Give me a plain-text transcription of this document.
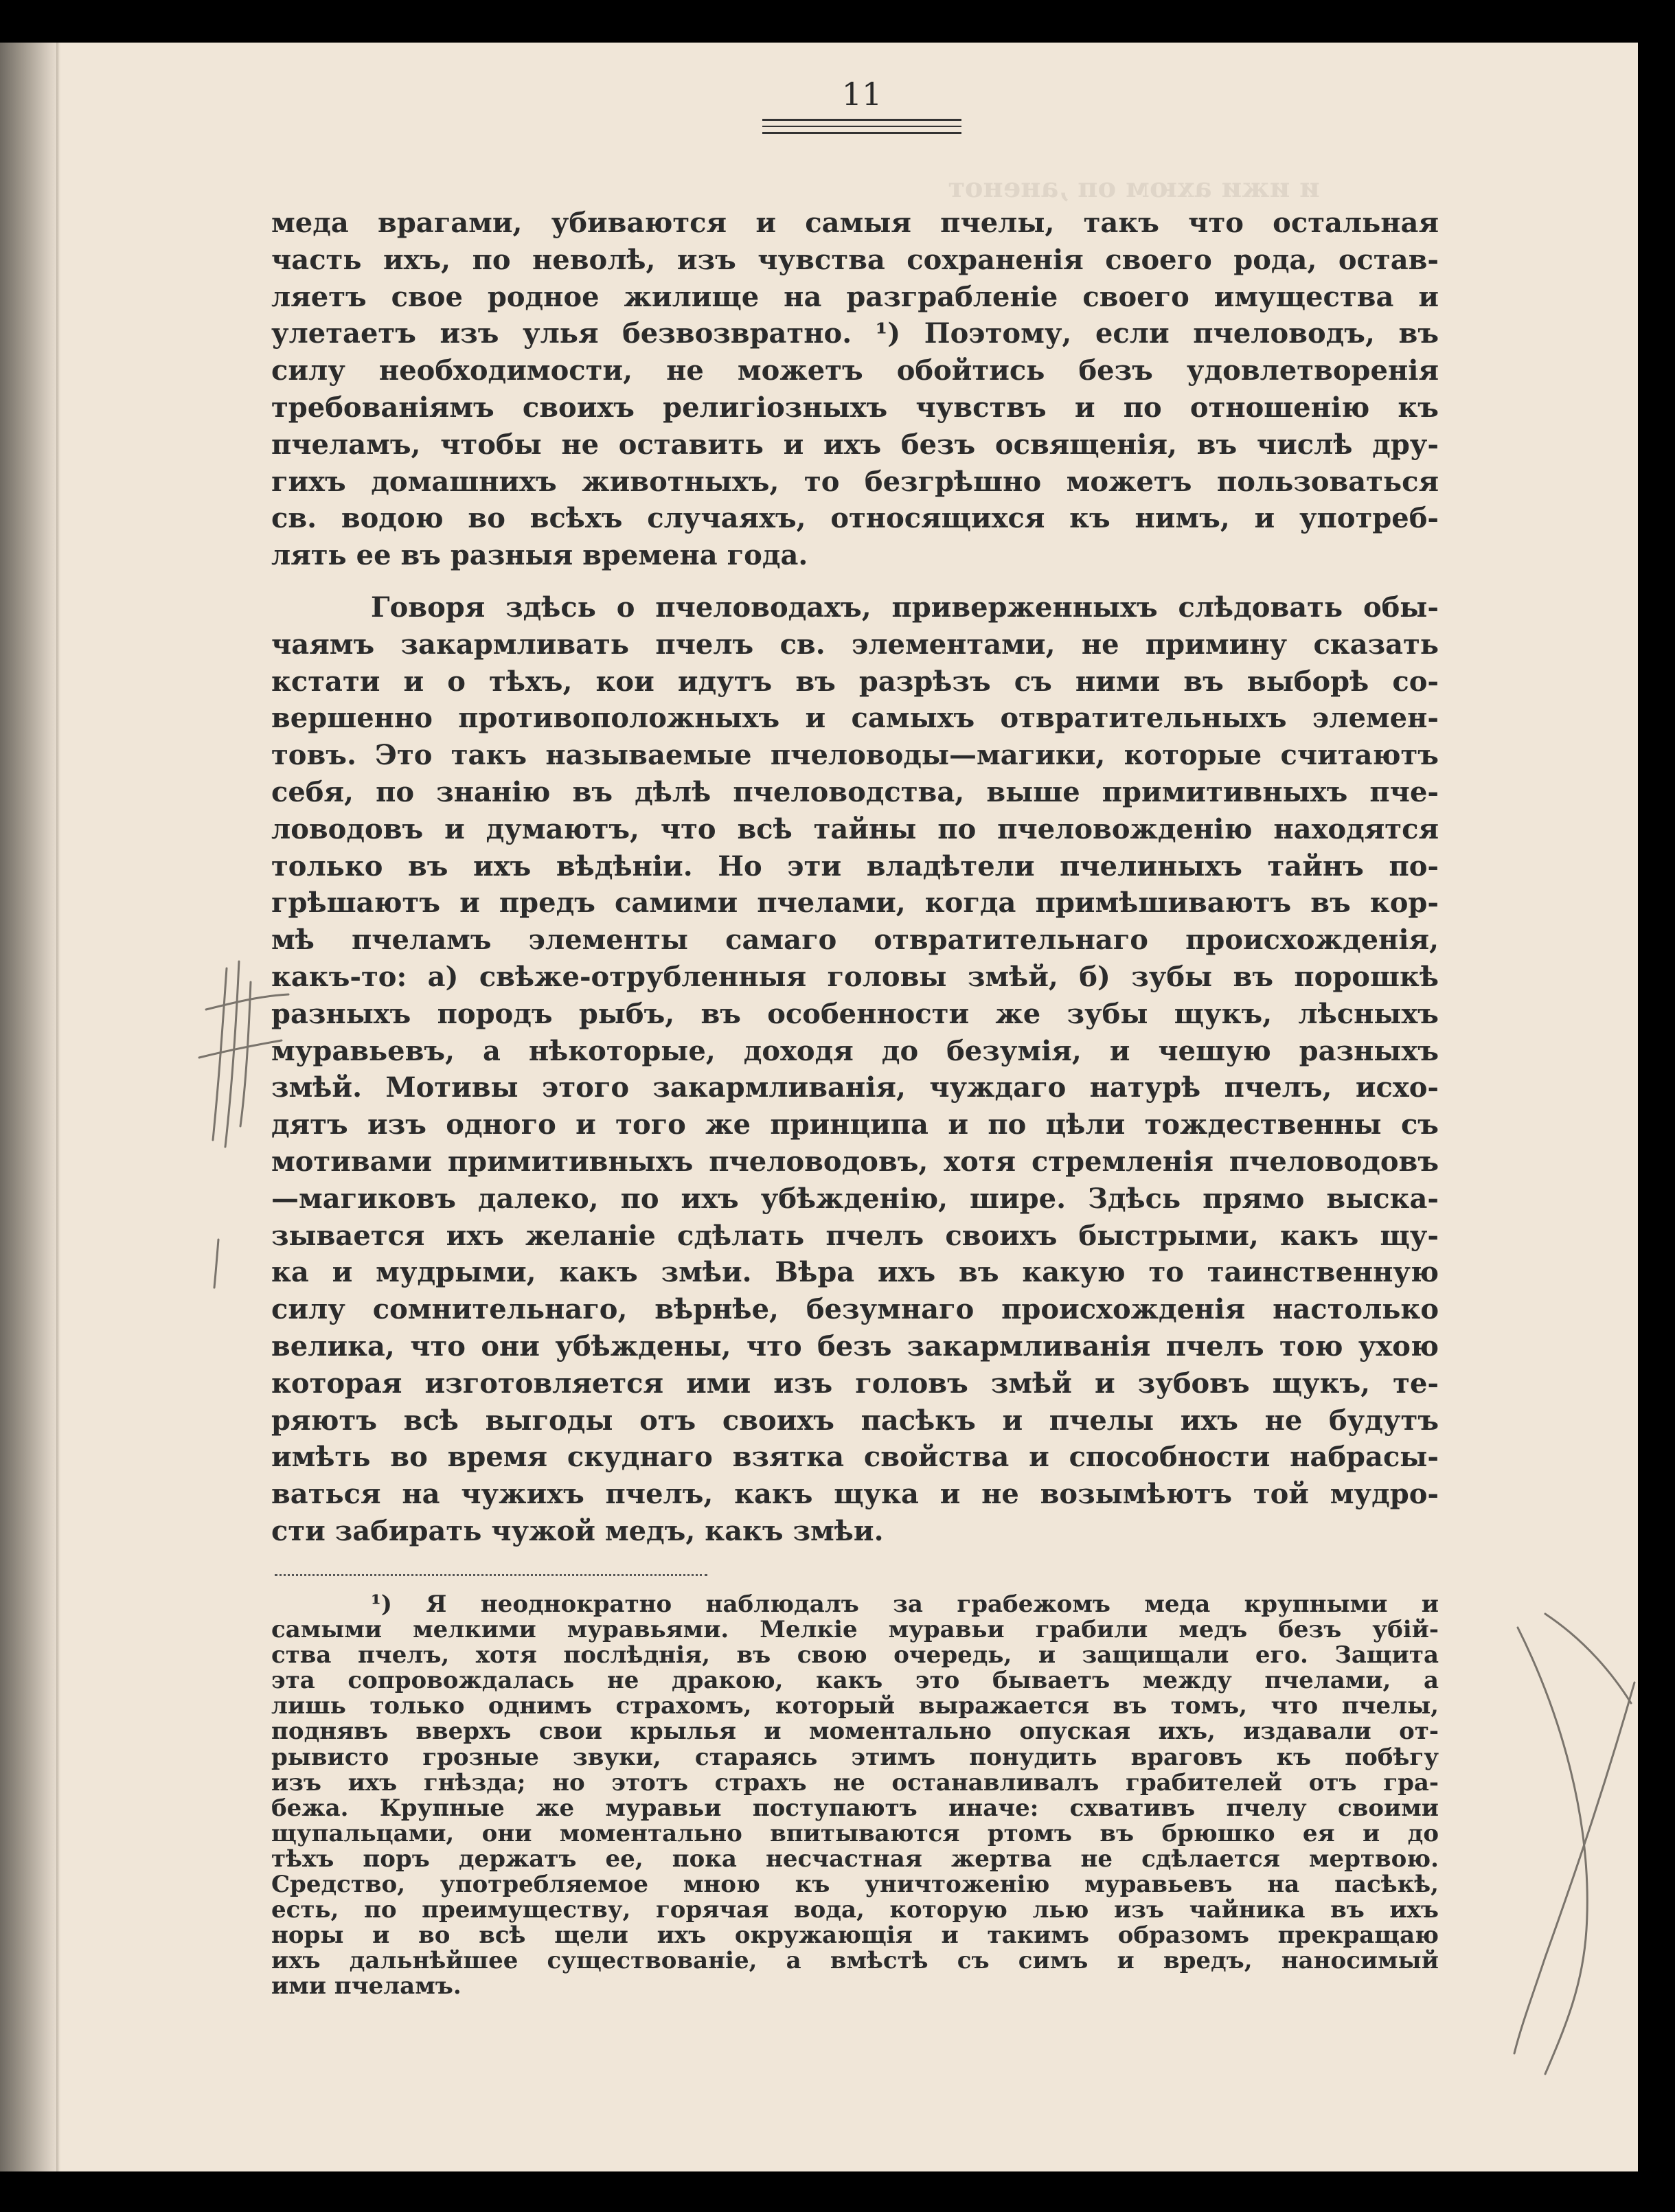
11
меда врагами, убиваются и самыя пчелы, такъ что остальная
часть ихъ, по неволѣ, изъ чувства сохраненія своего рода, остав-
ляетъ свое родное жилище на разграбленіе своего имущества и
улетаетъ изъ улья безвозвратно. ¹) Поэтому, если пчеловодъ, въ
силу необходимости, не можетъ обойтись безъ удовлетворенія
требованіямъ своихъ религіозныхъ чувствъ и по отношенію къ
пчеламъ, чтобы не оставить и ихъ безъ освященія, въ числѣ дру-
гихъ домашнихъ животныхъ, то безгрѣшно можетъ пользоваться
св. водою во всѣхъ случаяхъ, относящихся къ нимъ, и употреб-
лять ее въ разныя времена года.
Говоря здѣсь о пчеловодахъ, приверженныхъ слѣдовать обы-
чаямъ закармливать пчелъ св. элементами, не примину сказать
кстати и о тѣхъ, кои идутъ въ разрѣзъ съ ними въ выборѣ со-
вершенно противоположныхъ и самыхъ отвратительныхъ элемен-
товъ. Это такъ называемые пчеловоды—магики, которые считаютъ
себя, по знанію въ дѣлѣ пчеловодства, выше примитивныхъ пче-
ловодовъ и думаютъ, что всѣ тайны по пчеловожденію находятся
только въ ихъ вѣдѣніи. Но эти владѣтели пчелиныхъ тайнъ по-
грѣшаютъ и предъ самими пчелами, когда примѣшиваютъ въ кор-
мѣ пчеламъ элементы самаго отвратительнаго происхожденія,
какъ-то: а) свѣже-отрубленныя головы змѣй, б) зубы въ порошкѣ
разныхъ породъ рыбъ, въ особенности же зубы щукъ, лѣсныхъ
муравьевъ, а нѣкоторые, доходя до безумія, и чешую разныхъ
змѣй. Мотивы этого закармливанія, чуждаго натурѣ пчелъ, исхо-
дятъ изъ одного и того же принципа и по цѣли тождественны съ
мотивами примитивныхъ пчеловодовъ, хотя стремленія пчеловодовъ
—магиковъ далеко, по ихъ убѣжденію, шире. Здѣсь прямо выска-
зывается ихъ желаніе сдѣлать пчелъ своихъ быстрыми, какъ щу-
ка и мудрыми, какъ змѣи. Вѣра ихъ въ какую то таинственную
силу сомнительнаго, вѣрнѣе, безумнаго происхожденія настолько
велика, что они убѣждены, что безъ закармливанія пчелъ тою ухою
которая изготовляется ими изъ головъ змѣй и зубовъ щукъ, те-
ряютъ всѣ выгоды отъ своихъ пасѣкъ и пчелы ихъ не будутъ
имѣть во время скуднаго взятка свойства и способности набрасы-
ваться на чужихъ пчелъ, какъ щука и не возымѣютъ той мудро-
сти забирать чужой медъ, какъ змѣи.
¹) Я неоднократно наблюдалъ за грабежомъ меда крупными и
самыми мелкими муравьями. Мелкіе муравьи грабили медъ безъ убій-
ства пчелъ, хотя послѣднія, въ свою очередь, и защищали его. Защита
эта сопровождалась не дракою, какъ это бываетъ между пчелами, а
лишь только однимъ страхомъ, который выражается въ томъ, что пчелы,
поднявъ вверхъ свои крылья и моментально опуская ихъ, издавали от-
рывисто грозные звуки, стараясь этимъ понудить враговъ къ побѣгу
изъ ихъ гнѣзда; но этотъ страхъ не останавливалъ грабителей отъ гра-
бежа. Крупные же муравьи поступаютъ иначе: схвативъ пчелу своими
щупальцами, они моментально впитываются ртомъ въ брюшко ея и до
тѣхъ поръ держатъ ее, пока несчастная жертва не сдѣлается мертвою.
Средство, употребляемое мною къ уничтоженію муравьевъ на пасѣкѣ,
есть, по преимуществу, горячая вода, которую лью изъ чайника въ ихъ
норы и во всѣ щели ихъ окружающія и такимъ образомъ прекращаю
ихъ дальнѣйшее существованіе, а вмѣстѣ съ симъ и вредъ, наносимый
ими пчеламъ.
и ижи ахюм оп ,аненот
